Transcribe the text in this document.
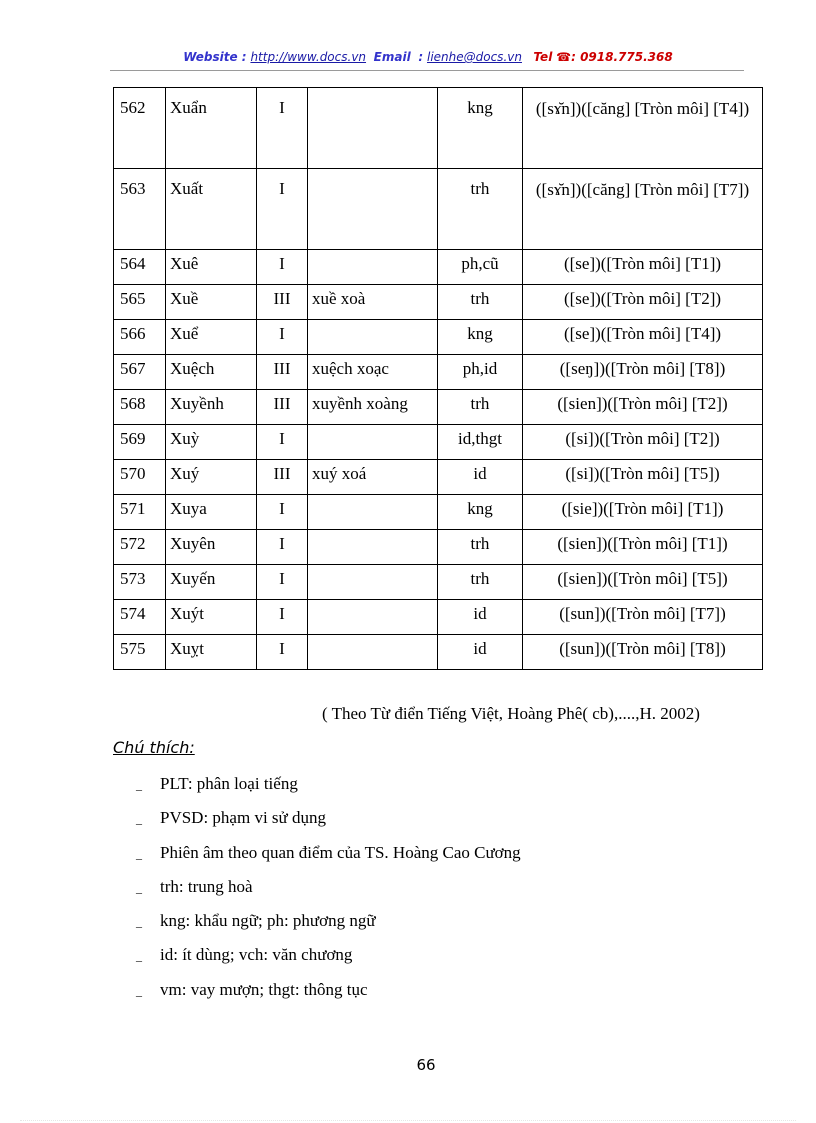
Website : http://www.docs.vn Email : lienhe@docs.vn Tel ☎: 0918.775.368
562	Xuẩn	I		kng	([sɤ̆n])([căng] [Tròn môi] [T4])
563	Xuất	I		trh	([sɤ̆n])([căng] [Tròn môi] [T7])
564	Xuê	I		ph,cũ	([se])([Tròn môi] [T1])
565	Xuề	III	xuề xoà	trh	([se])([Tròn môi] [T2])
566	Xuể	I		kng	([se])([Tròn môi] [T4])
567	Xuệch	III	xuệch xoạc	ph,id	([seŋ])([Tròn môi] [T8])
568	Xuyềnh	III	xuyềnh xoàng	trh	([sien])([Tròn môi] [T2])
569	Xuỳ	I		id,thgt	([si])([Tròn môi] [T2])
570	Xuý	III	xuý xoá	id	([si])([Tròn môi] [T5])
571	Xuya	I		kng	([sie])([Tròn môi] [T1])
572	Xuyên	I		trh	([sien])([Tròn môi] [T1])
573	Xuyến	I		trh	([sien])([Tròn môi] [T5])
574	Xuýt	I		id	([sun])([Tròn môi] [T7])
575	Xuỵt	I		id	([sun])([Tròn môi] [T8])
( Theo Từ điển Tiếng Việt, Hoàng Phê( cb),....,H. 2002)
Chú thích:
_ PLT: phân loại tiếng
_ PVSD: phạm vi sử dụng
_ Phiên âm theo quan điểm của TS. Hoàng Cao Cương
_ trh: trung hoà
_ kng: khẩu ngữ; ph: phương ngữ
_ id: ít dùng; vch: văn chương
_ vm: vay mượn; thgt: thông tục
66
